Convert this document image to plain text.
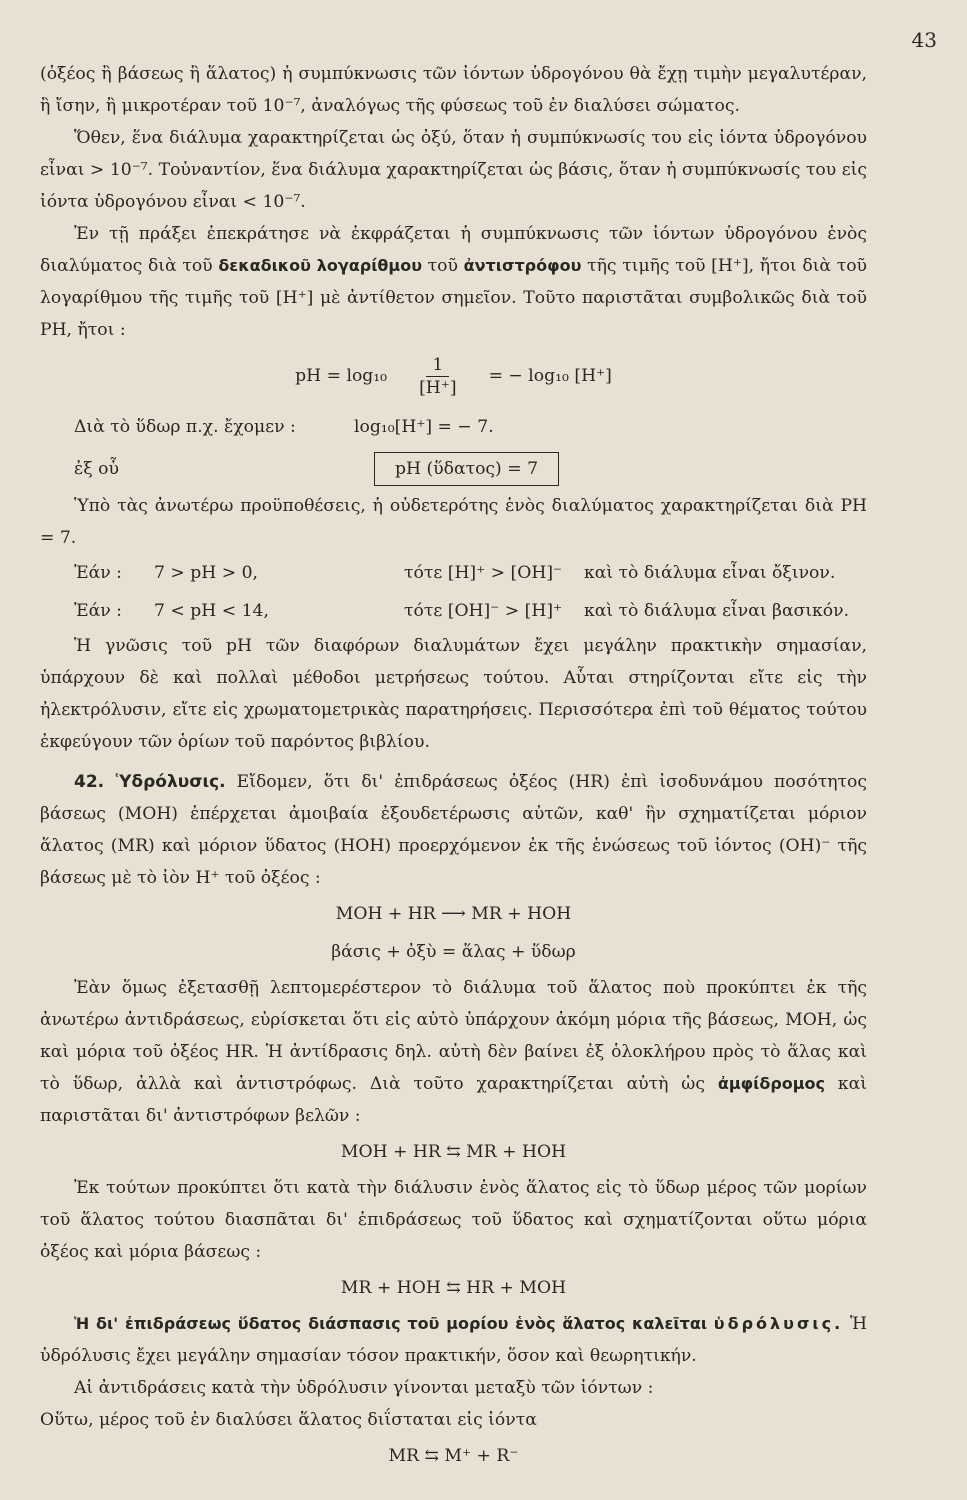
43

(ὀξέος ἢ βάσεως ἢ ἅλατος) ἡ συμπύκνωσις τῶν ἰόντων ὑδρογόνου θὰ ἔχῃ τιμὴν μεγαλυτέραν, ἢ ἴσην, ἢ μικροτέραν τοῦ 10⁻⁷, ἀναλόγως τῆς φύσεως τοῦ ἐν διαλύσει σώματος.

Ὅθεν, ἕνα διάλυμα χαρακτηρίζεται ὡς ὀξύ, ὅταν ἡ συμπύκνωσίς του εἰς ἰόντα ὑδρογόνου εἶναι > 10⁻⁷. Τοὐναντίον, ἕνα διάλυμα χαρακτηρίζεται ὡς βάσις, ὅταν ἡ συμπύκνωσίς του εἰς ἰόντα ὑδρογόνου εἶναι < 10⁻⁷.

Ἐν τῇ πράξει ἐπεκράτησε νὰ ἐκφράζεται ἡ συμπύκνωσις τῶν ἰόντων ὑδρογόνου ἑνὸς διαλύματος διὰ τοῦ δεκαδικοῦ λογαρίθμου τοῦ ἀντιστρόφου τῆς τιμῆς τοῦ [H⁺], ἤτοι διὰ τοῦ λογαρίθμου τῆς τιμῆς τοῦ [H⁺] μὲ ἀντίθετον σημεῖον. Τοῦτο παριστᾶται συμβολικῶς διὰ τοῦ PH, ἤτοι :

pH = $\log_{10} \frac{1}{[H^+]}$ = − log₁₀ [H⁺]
Διὰ τὸ ὕδωρ π.χ. ἔχομεν :	log₁₀[H⁺] = − 7.
ἐξ οὗ	pH (ὕδατος) = 7

Ὑπὸ τὰς ἀνωτέρω προϋποθέσεις, ἡ οὐδετερότης ἑνὸς διαλύματος χαρακτηρίζεται διὰ PH = 7.

Ἐάν :	7 > pH > 0,	τότε [H]⁺ > [OH]⁻	καὶ τὸ διάλυμα εἶναι ὄξινον.
Ἐάν :	7 < pH < 14,	τότε [OH]⁻ > [H]⁺	καὶ τὸ διάλυμα εἶναι βασικόν.

Ἡ γνῶσις τοῦ pH τῶν διαφόρων διαλυμάτων ἔχει μεγάλην πρακτικὴν σημασίαν, ὑπάρχουν δὲ καὶ πολλαὶ μέθοδοι μετρήσεως τούτου. Αὗται στηρίζονται εἴτε εἰς τὴν ἠλεκτρόλυσιν, εἴτε εἰς χρωματομετρικὰς παρατηρήσεις. Περισσότερα ἐπὶ τοῦ θέματος τούτου ἐκφεύγουν τῶν ὁρίων τοῦ παρόντος βιβλίου.

42. Ὑδρόλυσις. Εἴδομεν, ὅτι δι' ἐπιδράσεως ὀξέος (HR) ἐπὶ ἰσοδυνάμου ποσότητος βάσεως (MOH) ἐπέρχεται ἀμοιβαία ἐξουδετέρωσις αὐτῶν, καθ' ἣν σχηματίζεται μόριον ἅλατος (MR) καὶ μόριον ὕδατος (HOH) προερχόμενον ἐκ τῆς ἑνώσεως τοῦ ἰόντος (OH)⁻ τῆς βάσεως μὲ τὸ ἰὸν H⁺ τοῦ ὀξέος :

MOH + HR ⟶ MR + HOH
βάσις + ὀξὺ = ἅλας + ὕδωρ

Ἐὰν ὅμως ἐξετασθῇ λεπτομερέστερον τὸ διάλυμα τοῦ ἅλατος ποὺ προκύπτει ἐκ τῆς ἀνωτέρω ἀντιδράσεως, εὑρίσκεται ὅτι εἰς αὐτὸ ὑπάρχουν ἀκόμη μόρια τῆς βάσεως, MOH, ὡς καὶ μόρια τοῦ ὀξέος HR. Ἡ ἀντίδρασις δηλ. αὐτὴ δὲν βαίνει ἐξ ὁλοκλήρου πρὸς τὸ ἅλας καὶ τὸ ὕδωρ, ἀλλὰ καὶ ἀντιστρόφως. Διὰ τοῦτο χαρακτηρίζεται αὐτὴ ὡς ἀμφίδρομος καὶ παριστᾶται δι' ἀντιστρόφων βελῶν :

MOH + HR ⇆ MR + HOH

Ἐκ τούτων προκύπτει ὅτι κατὰ τὴν διάλυσιν ἑνὸς ἅλατος εἰς τὸ ὕδωρ μέρος τῶν μορίων τοῦ ἅλατος τούτου διασπᾶται δι' ἐπιδράσεως τοῦ ὕδατος καὶ σχηματίζονται οὕτω μόρια ὀξέος καὶ μόρια βάσεως :

MR + HOH ⇆ HR + MOH

Ἡ δι' ἐπιδράσεως ὕδατος διάσπασις τοῦ μορίου ἑνὸς ἅλατος καλεῖται ὑδρόλυσις. Ἡ ὑδρόλυσις ἔχει μεγάλην σημασίαν τόσον πρακτικήν, ὅσον καὶ θεωρητικήν.

Αἱ ἀντιδράσεις κατὰ τὴν ὑδρόλυσιν γίνονται μεταξὺ τῶν ἰόντων :

Οὕτω, μέρος τοῦ ἐν διαλύσει ἅλατος διΐσταται εἰς ἰόντα

MR ⇆ M⁺ + R⁻
